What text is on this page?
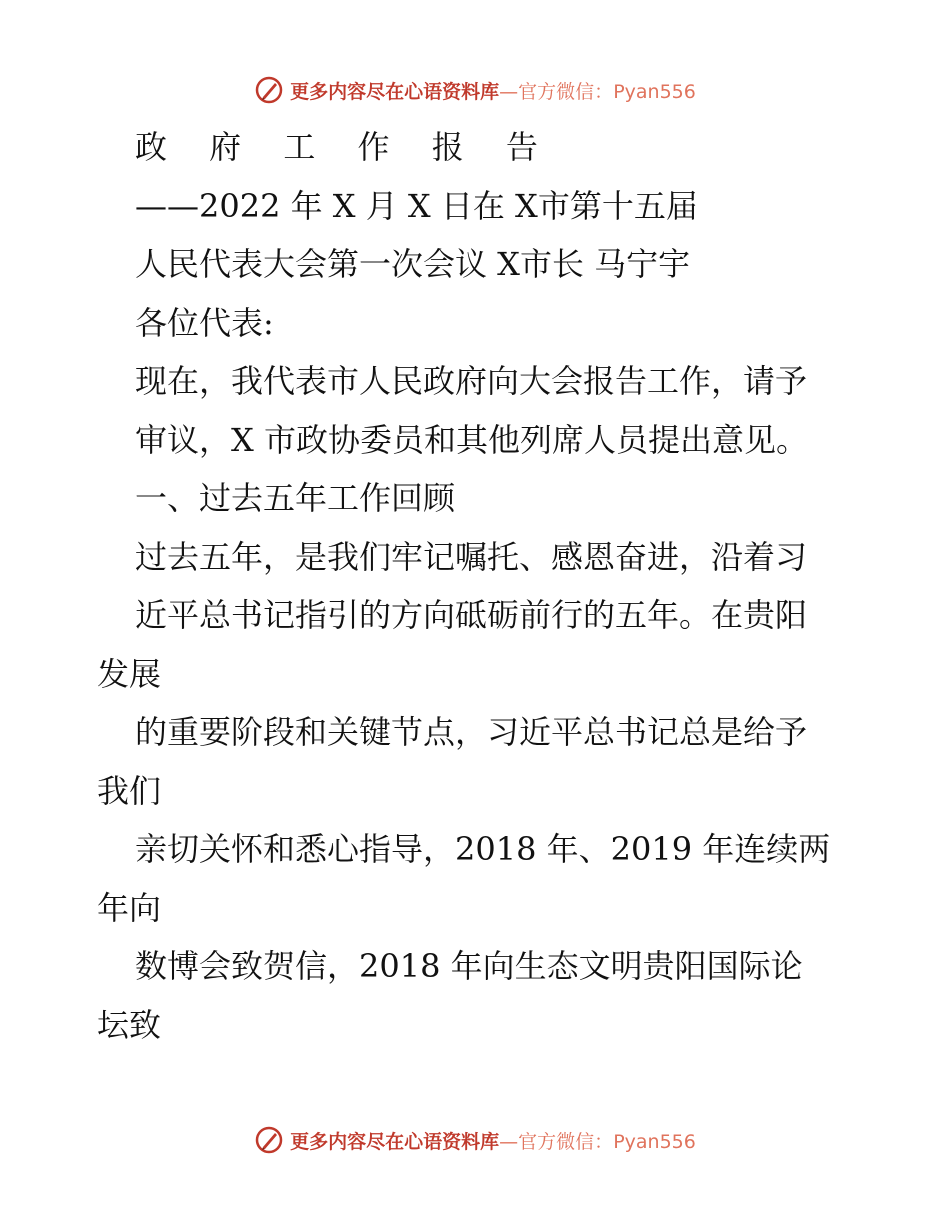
更多内容尽在心语资料库—官方微信：Pyan556
政 府 工 作 报 告
——2022 年 X 月 X 日在 X市第十五届
人民代表大会第一次会议 X市长 马宁宇
各位代表:
现在，我代表市人民政府向大会报告工作，请予
审议，X 市政协委员和其他列席人员提出意见。
一、过去五年工作回顾
过去五年，是我们牢记嘱托、感恩奋进，沿着习
近平总书记指引的方向砥砺前行的五年。在贵阳
发展
的重要阶段和关键节点，习近平总书记总是给予
我们
亲切关怀和悉心指导，2018 年、2019 年连续两
年向
数博会致贺信，2018 年向生态文明贵阳国际论
坛致
更多内容尽在心语资料库—官方微信：Pyan556
